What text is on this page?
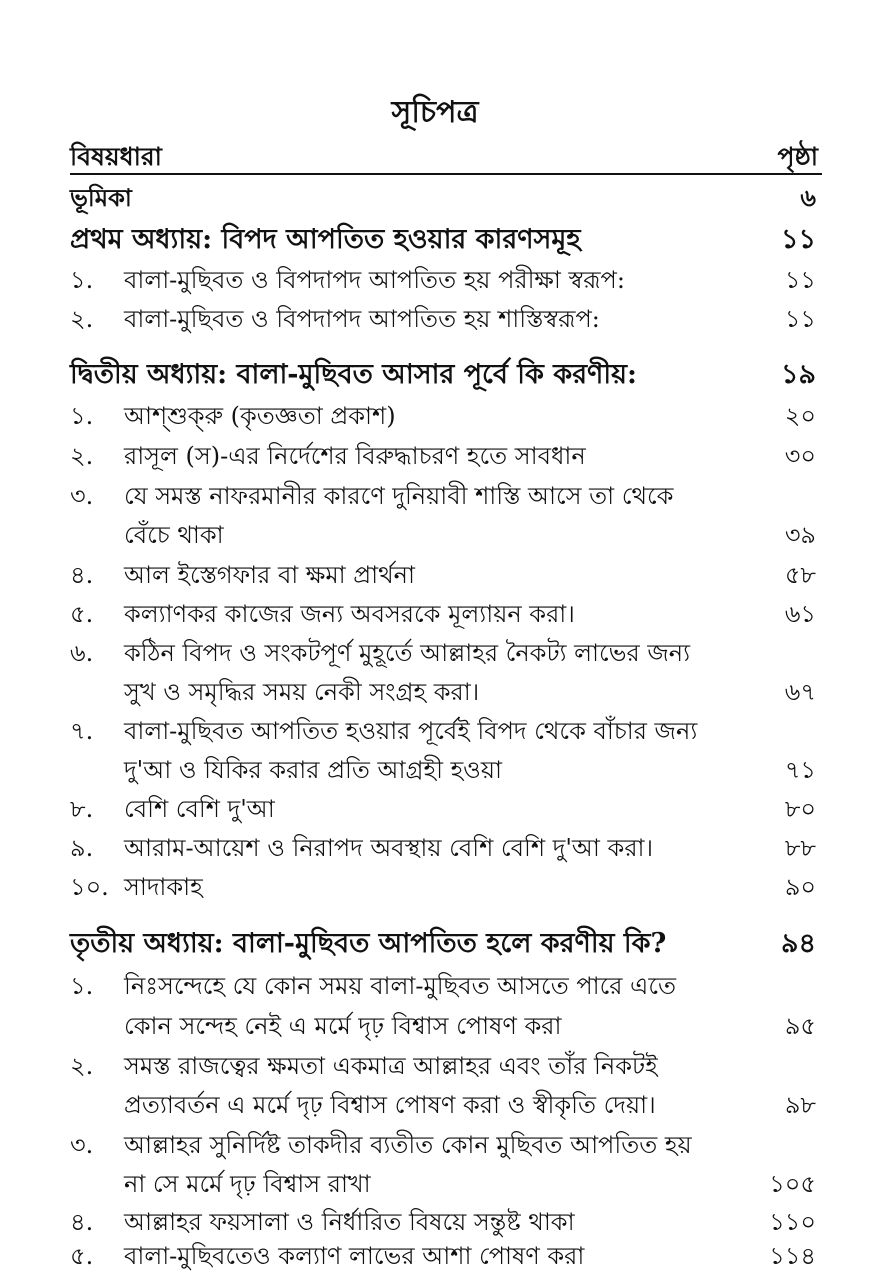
সূচিপত্র
বিষয়ধারা	পৃষ্ঠা
ভূমিকা	৬
প্রথম অধ্যায়: বিপদ আপতিত হওয়ার কারণসমূহ	১১
১. বালা-মুছিবত ও বিপদাপদ আপতিত হয় পরীক্ষা স্বরূপ:	১১
২. বালা-মুছিবত ও বিপদাপদ আপতিত হয় শাস্তিস্বরূপ:	১১
দ্বিতীয় অধ্যায়: বালা-মুছিবত আসার পূর্বে কি করণীয়:	১৯
১. আশ্‌শুক্‌রু (কৃতজ্ঞতা প্রকাশ)	২০
২. রাসূল (স)-এর নির্দেশের বিরুদ্ধাচরণ হতে সাবধান	৩০
৩. যে সমস্ত নাফরমানীর কারণে দুনিয়াবী শাস্তি আসে তা থেকে
বেঁচে থাকা	৩৯
৪. আল ইস্তেগফার বা ক্ষমা প্রার্থনা	৫৮
৫. কল্যাণকর কাজের জন্য অবসরকে মূল্যায়ন করা।	৬১
৬. কঠিন বিপদ ও সংকটপূর্ণ মুহূর্তে আল্লাহর নৈকট্য লাভের জন্য
সুখ ও সমৃদ্ধির সময় নেকী সংগ্রহ করা।	৬৭
৭. বালা-মুছিবত আপতিত হওয়ার পূর্বেই বিপদ থেকে বাঁচার জন্য
দু'আ ও যিকির করার প্রতি আগ্রহী হওয়া	৭১
৮. বেশি বেশি দু'আ	৮০
৯. আরাম-আয়েশ ও নিরাপদ অবস্থায় বেশি বেশি দু'আ করা।	৮৮
১০. সাদাকাহ	৯০
তৃতীয় অধ্যায়: বালা-মুছিবত আপতিত হলে করণীয় কি?	৯৪
১. নিঃসন্দেহে যে কোন সময় বালা-মুছিবত আসতে পারে এতে
কোন সন্দেহ নেই এ মর্মে দৃঢ় বিশ্বাস পোষণ করা	৯৫
২. সমস্ত রাজত্বের ক্ষমতা একমাত্র আল্লাহর এবং তাঁর নিকটই
প্রত্যাবর্তন এ মর্মে দৃঢ় বিশ্বাস পোষণ করা ও স্বীকৃতি দেয়া।	৯৮
৩. আল্লাহর সুনির্দিষ্ট তাকদীর ব্যতীত কোন মুছিবত আপতিত হয়
না সে মর্মে দৃঢ় বিশ্বাস রাখা	১০৫
৪. আল্লাহর ফয়সালা ও নির্ধারিত বিষয়ে সন্তুষ্ট থাকা	১১০
৫. বালা-মুছিবতেও কল্যাণ লাভের আশা পোষণ করা	১১৪
